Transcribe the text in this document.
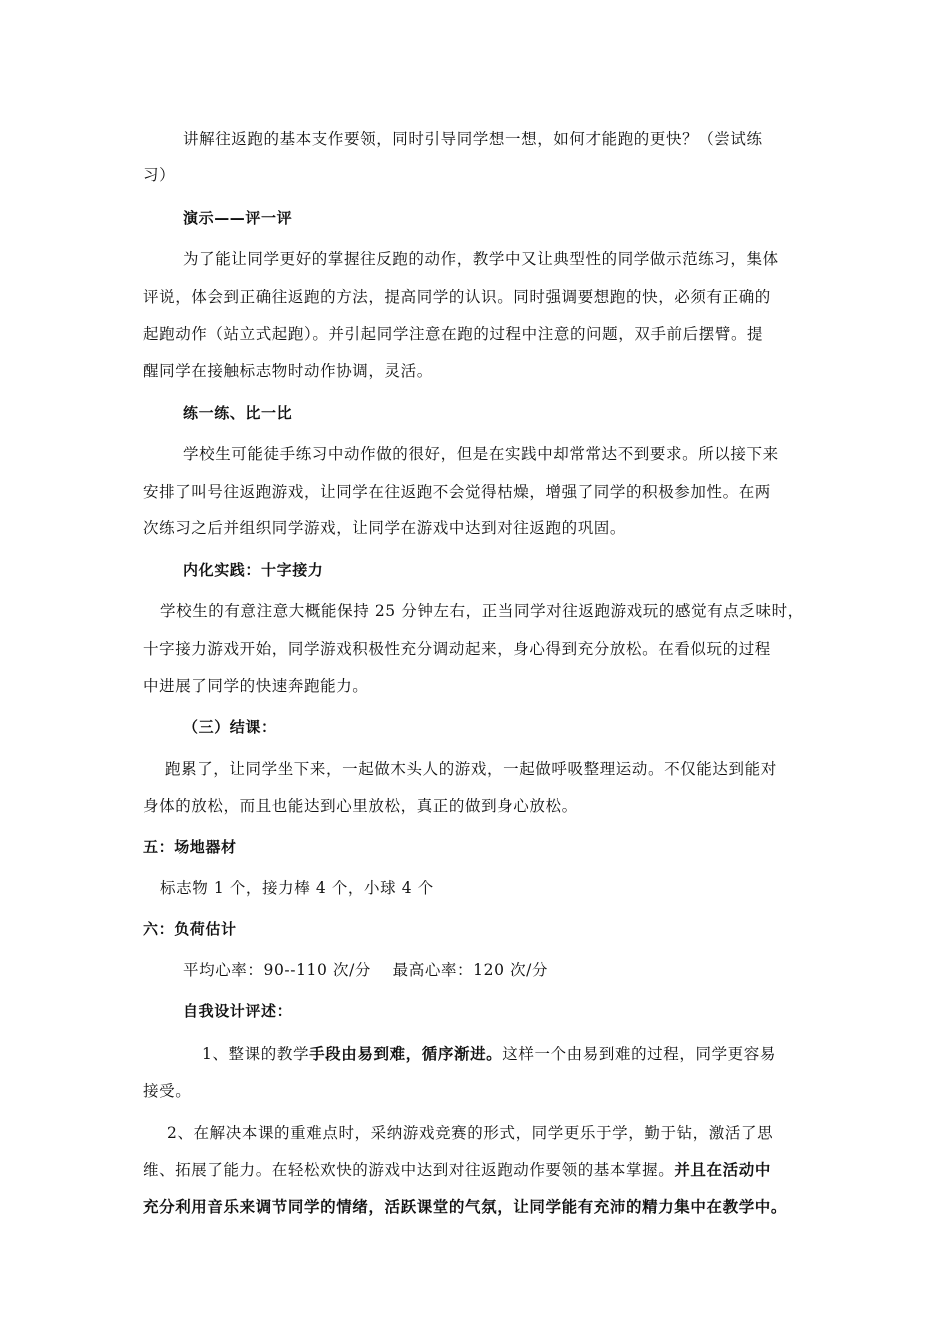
讲解往返跑的基本支作要领，同时引导同学想一想，如何才能跑的更快？（尝试练

习）

演示——评一评

为了能让同学更好的掌握往反跑的动作，教学中又让典型性的同学做示范练习，集体

评说，体会到正确往返跑的方法，提高同学的认识。同时强调要想跑的快，必须有正确的

起跑动作（站立式起跑）。并引起同学注意在跑的过程中注意的问题，双手前后摆臂。提

醒同学在接触标志物时动作协调，灵活。

练一练、比一比

学校生可能徒手练习中动作做的很好，但是在实践中却常常达不到要求。所以接下来

安排了叫号往返跑游戏，让同学在往返跑不会觉得枯燥，增强了同学的积极参加性。在两

次练习之后并组织同学游戏，让同学在游戏中达到对往返跑的巩固。

内化实践：十字接力

学校生的有意注意大概能保持 25 分钟左右，正当同学对往返跑游戏玩的感觉有点乏味时，

十字接力游戏开始，同学游戏积极性充分调动起来，身心得到充分放松。在看似玩的过程

中进展了同学的快速奔跑能力。

（三）结课：

跑累了，让同学坐下来，一起做木头人的游戏，一起做呼吸整理运动。不仅能达到能对

身体的放松，而且也能达到心里放松，真正的做到身心放松。

五：场地器材

标志物 1 个，接力棒 4 个，小球 4 个

六：负荷估计

平均心率：90--110 次/分　 最高心率：120 次/分

自我设计评述：

1、整课的教学手段由易到难，循序渐进。这样一个由易到难的过程，同学更容易

接受。

2、在解决本课的重难点时，采纳游戏竞赛的形式，同学更乐于学，勤于钻，激活了思

维、拓展了能力。在轻松欢快的游戏中达到对往返跑动作要领的基本掌握。并且在活动中

充分利用音乐来调节同学的情绪，活跃课堂的气氛，让同学能有充沛的精力集中在教学中。
